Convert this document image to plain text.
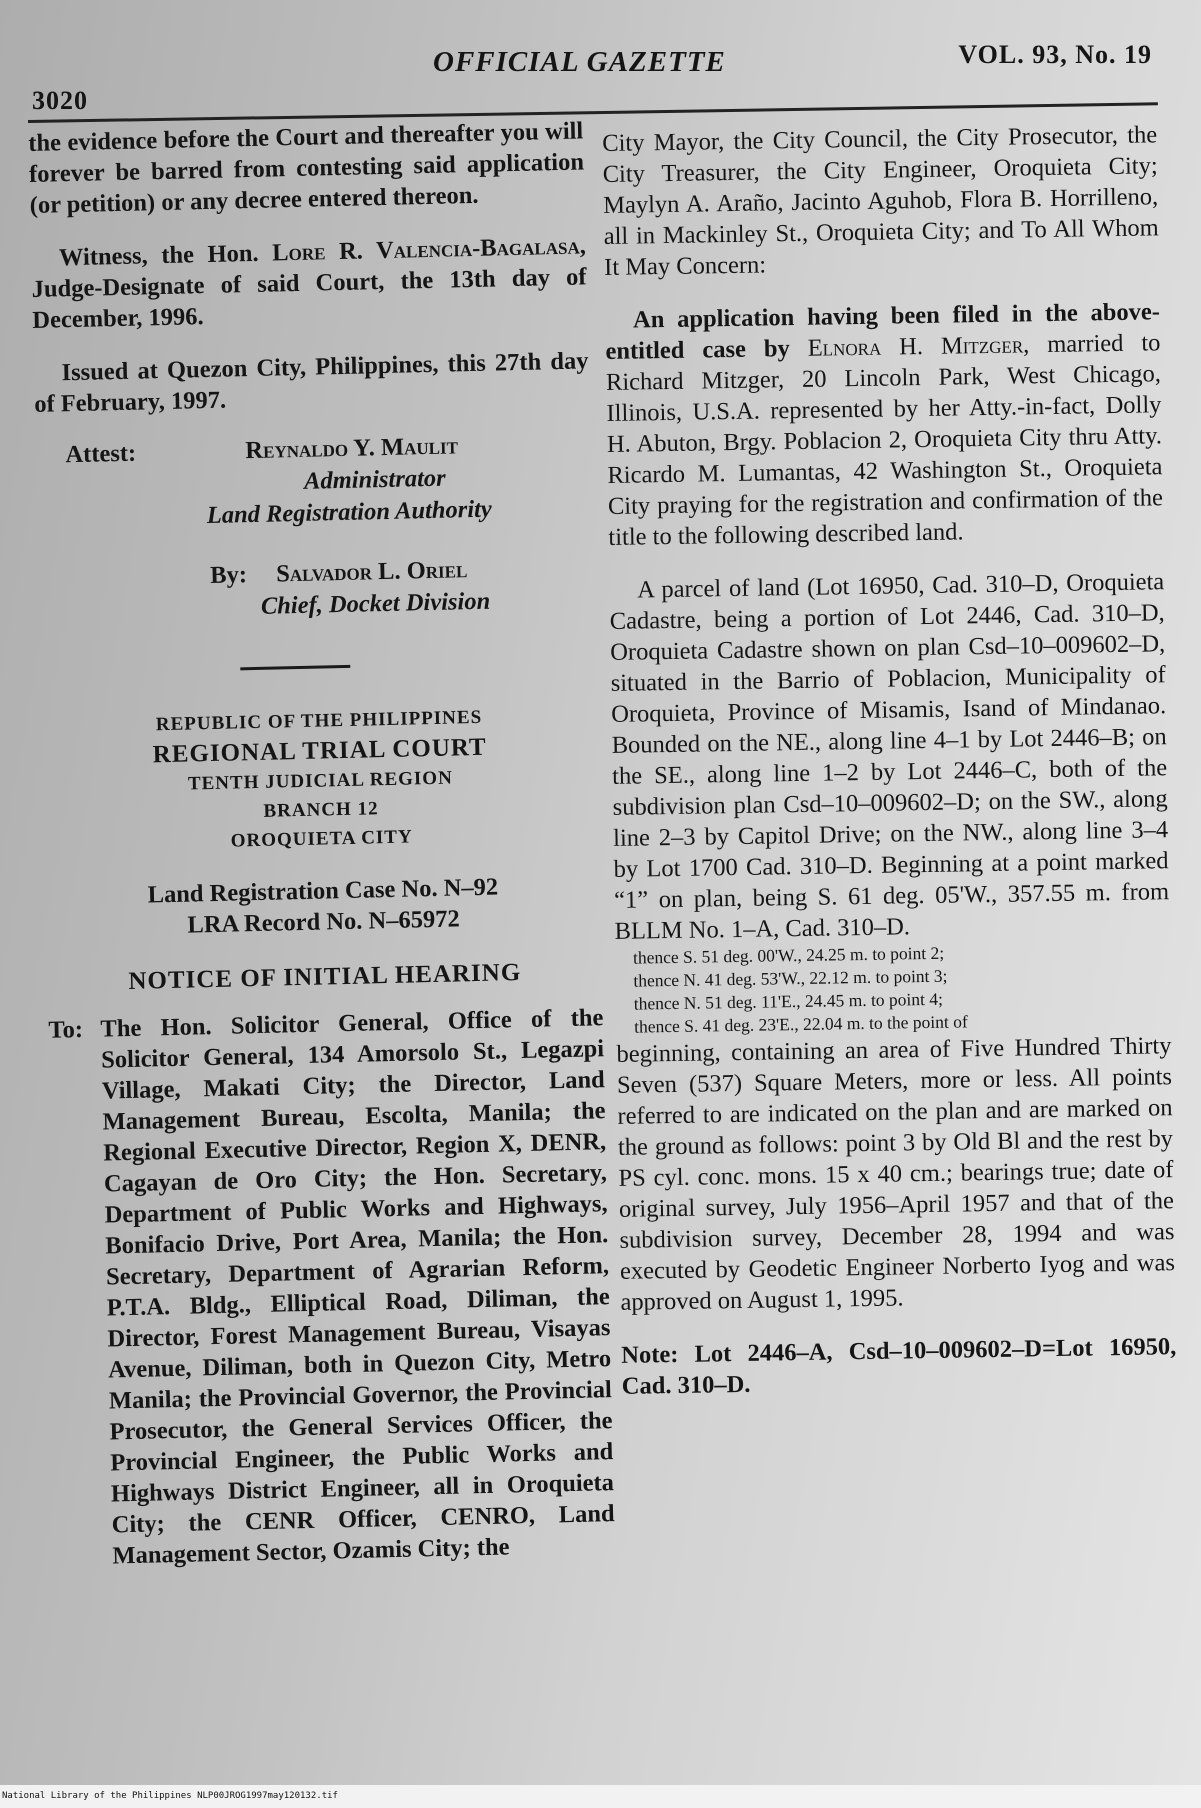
3020
OFFICIAL GAZETTE	VOL. 93, No. 19

the evidence before the Court and thereafter you will forever be barred from contesting said application (or petition) or any decree entered thereon.

Witness, the Hon. Lore R. Valencia-Bagalasa, Judge-Designate of said Court, the 13th day of December, 1996.

Issued at Quezon City, Philippines, this 27th day of February, 1997.

Attest:	Reynaldo Y. Maulit
Administrator
Land Registration Authority
By: Salvador L. Oriel
Chief, Docket Division
REPUBLIC OF THE PHILIPPINES
REGIONAL TRIAL COURT
TENTH JUDICIAL REGION
BRANCH 12
OROQUIETA CITY
Land Registration Case No. N–92
LRA Record No. N–65972
NOTICE OF INITIAL HEARING
To: The Hon. Solicitor General, Office of the Solicitor General, 134 Amorsolo St., Legazpi Village, Makati City; the Director, Land Management Bureau, Escolta, Manila; the Regional Executive Director, Region X, DENR, Cagayan de Oro City; the Hon. Secretary, Department of Public Works and Highways, Bonifacio Drive, Port Area, Manila; the Hon. Secretary, Department of Agrarian Reform, P.T.A. Bldg., Elliptical Road, Diliman, the Director, Forest Management Bureau, Visayas Avenue, Diliman, both in Quezon City, Metro Manila; the Provincial Governor, the Provincial Prosecutor, the General Services Officer, the Provincial Engineer, the Public Works and Highways District Engineer, all in Oroquieta City; the CENR Officer, CENRO, Land Management Sector, Ozamis City; the

City Mayor, the City Council, the City Prosecutor, the City Treasurer, the City Engineer, Oroquieta City; Maylyn A. Araño, Jacinto Aguhob, Flora B. Horrilleno, all in Mackinley St., Oroquieta City; and To All Whom It May Concern:

An application having been filed in the above-entitled case by Elnora H. Mitzger, married to Richard Mitzger, 20 Lincoln Park, West Chicago, Illinois, U.S.A. represented by her Atty.-in-fact, Dolly H. Abuton, Brgy. Poblacion 2, Oroquieta City thru Atty. Ricardo M. Lumantas, 42 Washington St., Oroquieta City praying for the registration and confirmation of the title to the following described land.

A parcel of land (Lot 16950, Cad. 310–D, Oroquieta Cadastre, being a portion of Lot 2446, Cad. 310–D, Oroquieta Cadastre shown on plan Csd–10–009602–D, situated in the Barrio of Poblacion, Municipality of Oroquieta, Province of Misamis, Isand of Mindanao. Bounded on the NE., along line 4–1 by Lot 2446–B; on the SE., along line 1–2 by Lot 2446–C, both of the subdivision plan Csd–10–009602–D; on the SW., along line 2–3 by Capitol Drive; on the NW., along line 3–4 by Lot 1700 Cad. 310–D. Beginning at a point marked “1” on plan, being S. 61 deg. 05'W., 357.55 m. from BLLM No. 1–A, Cad. 310–D.

thence S. 51 deg. 00'W., 24.25 m. to point 2;

thence N. 41 deg. 53'W., 22.12 m. to point 3;

thence N. 51 deg. 11'E., 24.45 m. to point 4;

thence S. 41 deg. 23'E., 22.04 m. to the point of

beginning, containing an area of Five Hundred Thirty Seven (537) Square Meters, more or less. All points referred to are indicated on the plan and are marked on the ground as follows: point 3 by Old Bl and the rest by PS cyl. conc. mons. 15 x 40 cm.; bearings true; date of original survey, July 1956–April 1957 and that of the subdivision survey, December 28, 1994 and was executed by Geodetic Engineer Norberto Iyog and was approved on August 1, 1995.

Note: Lot 2446–A, Csd–10–009602–D=Lot 16950, Cad. 310–D.

National Library of the Philippines NLP00JROG1997may120132.tif
